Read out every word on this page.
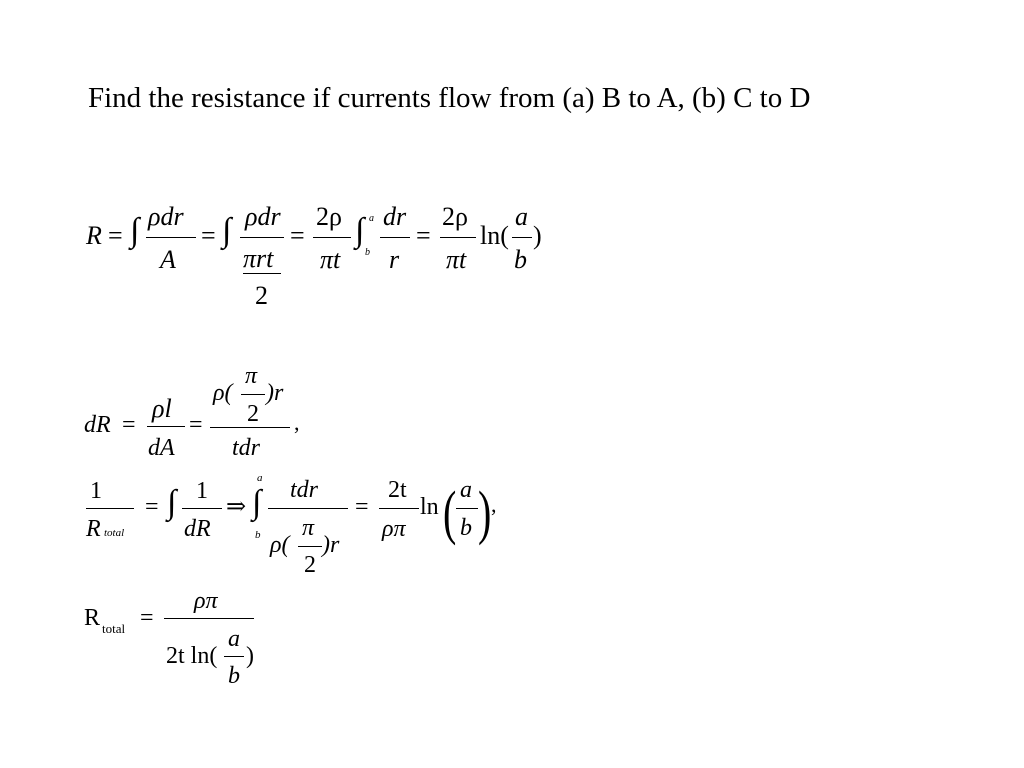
Find the resistance if currents flow from (a) B to A, (b) C to D
R = ∫ ρdr
A
= ∫ ρdr
πrt
2
=
2ρ
πt
∫ a
b
dr
r
=
2ρ
πt
ln(
a
b
)
dR =
ρl
dA
=
ρ(
π
2
)r
tdr
,
1
R total
= ∫ 1
dR
⇒ ∫
a
b
tdr
ρ(
π
2
)r
=
2t
ρπ
ln ( a
b ) ,
R total =
ρπ
2t ln(
a
b
)
